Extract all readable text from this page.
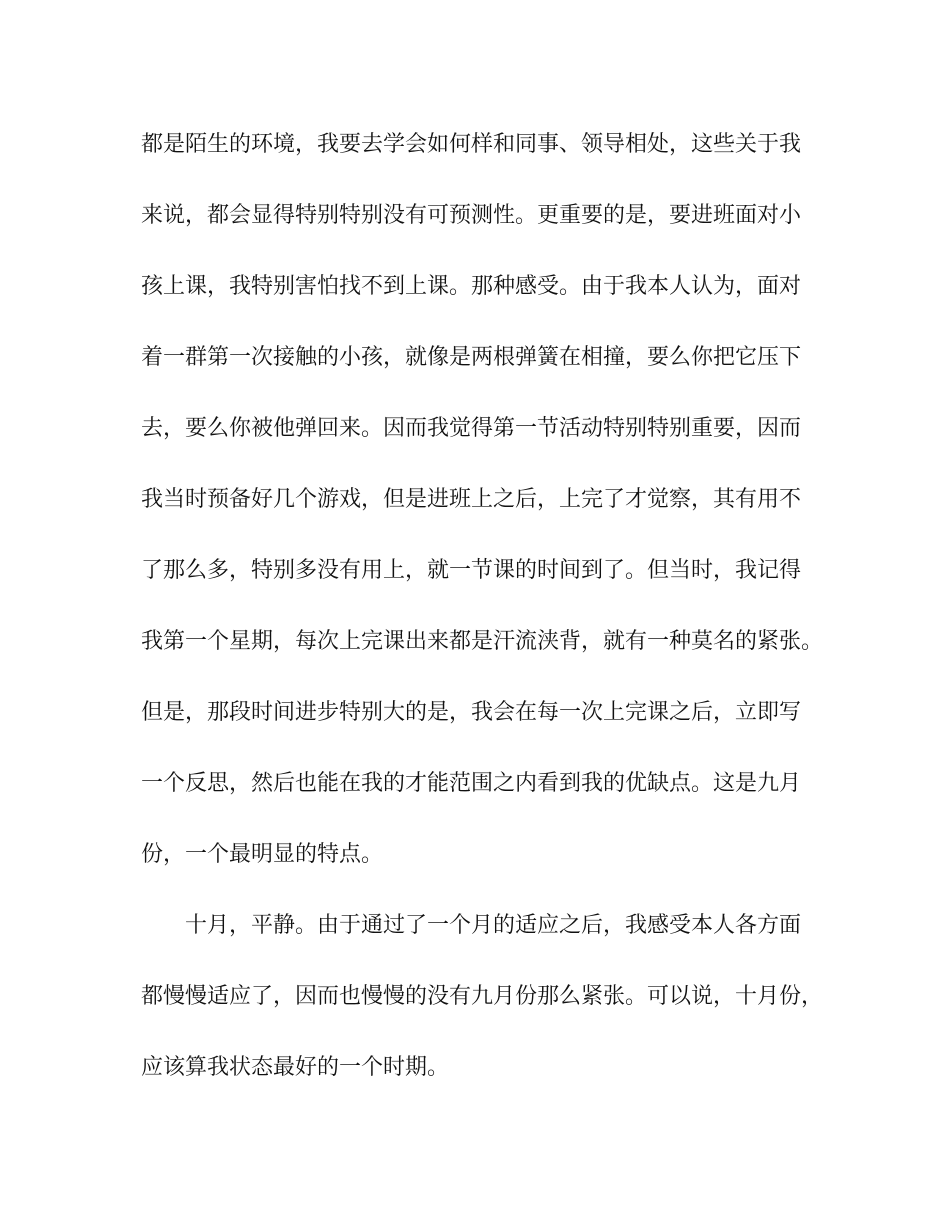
都是陌生的环境，我要去学会如何样和同事、领导相处，这些关于我
来说，都会显得特别特别没有可预测性。更重要的是，要进班面对小
孩上课，我特别害怕找不到上课。那种感受。由于我本人认为，面对
着一群第一次接触的小孩，就像是两根弹簧在相撞，要么你把它压下
去，要么你被他弹回来。因而我觉得第一节活动特别特别重要，因而
我当时预备好几个游戏，但是进班上之后，上完了才觉察，其有用不
了那么多，特别多没有用上，就一节课的时间到了。但当时，我记得
我第一个星期，每次上完课出来都是汗流浃背，就有一种莫名的紧张。
但是，那段时间进步特别大的是，我会在每一次上完课之后，立即写
一个反思，然后也能在我的才能范围之内看到我的优缺点。这是九月
份，一个最明显的特点。
十月，平静。由于通过了一个月的适应之后，我感受本人各方面
都慢慢适应了，因而也慢慢的没有九月份那么紧张。可以说，十月份，
应该算我状态最好的一个时期。
